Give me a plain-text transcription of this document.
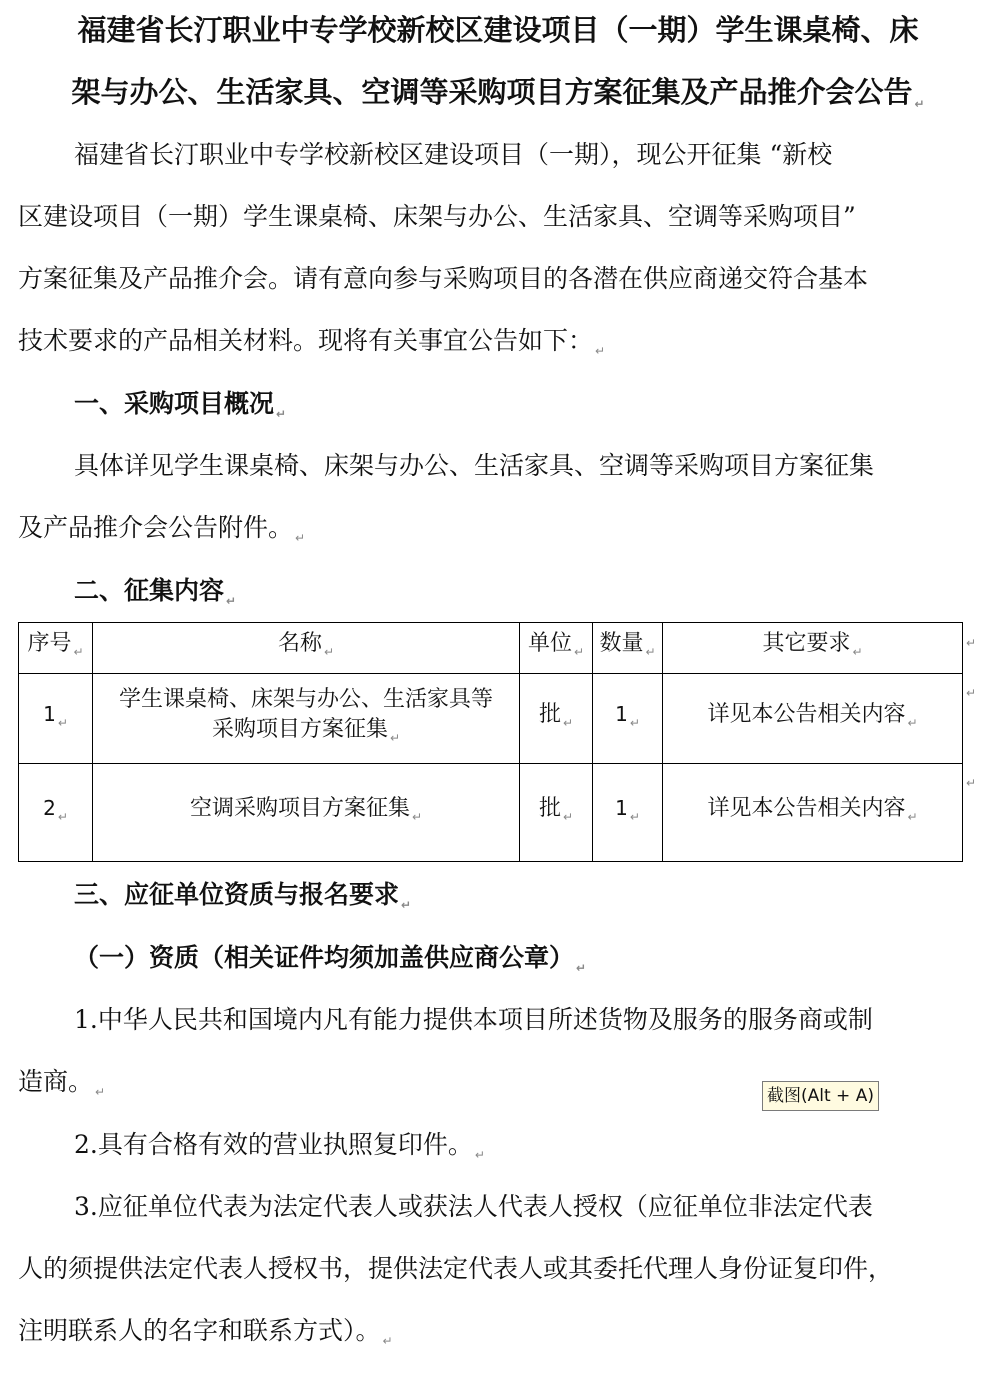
福建省长汀职业中专学校新校区建设项目（一期）学生课桌椅、床
架与办公、生活家具、空调等采购项目方案征集及产品推介会公告 $_↵$
福建省长汀职业中专学校新校区建设项目（一期），现公开征集 “新校
区建设项目（一期）学生课桌椅、床架与办公、生活家具、空调等采购项目”
方案征集及产品推介会。请有意向参与采购项目的各潜在供应商递交符合基本
技术要求的产品相关材料。现将有关事宜公告如下： $_↵$
一、采购项目概况 $_↵$
具体详见学生课桌椅、床架与办公、生活家具、空调等采购项目方案征集
及产品推介会公告附件。 $_↵$
二、征集内容 $_↵$
序号 $_↵$	名称 $_↵$	单位 $_↵$	数量 $_↵$	其它要求 $_↵$
1 $_↵$	学生课桌椅、床架与办公、生活家具等
采购项目方案征集 $_↵$	批 $_↵$	1 $_↵$	详见本公告相关内容 $_↵$
2 $_↵$	空调采购项目方案征集 $_↵$	批 $_↵$	1 $_↵$	详见本公告相关内容 $_↵$
↵
↵
↵
三、应征单位资质与报名要求 $_↵$
（一）资质（相关证件均须加盖供应商公章） $_↵$
1.中华人民共和国境内凡有能力提供本项目所述货物及服务的服务商或制
造商。 $_↵$
2.具有合格有效的营业执照复印件。 $_↵$
3.应征单位代表为法定代表人或获法人代表人授权（应征单位非法定代表
人的须提供法定代表人授权书，提供法定代表人或其委托代理人身份证复印件，
注明联系人的名字和联系方式）。 $_↵$
截图(Alt + A)
